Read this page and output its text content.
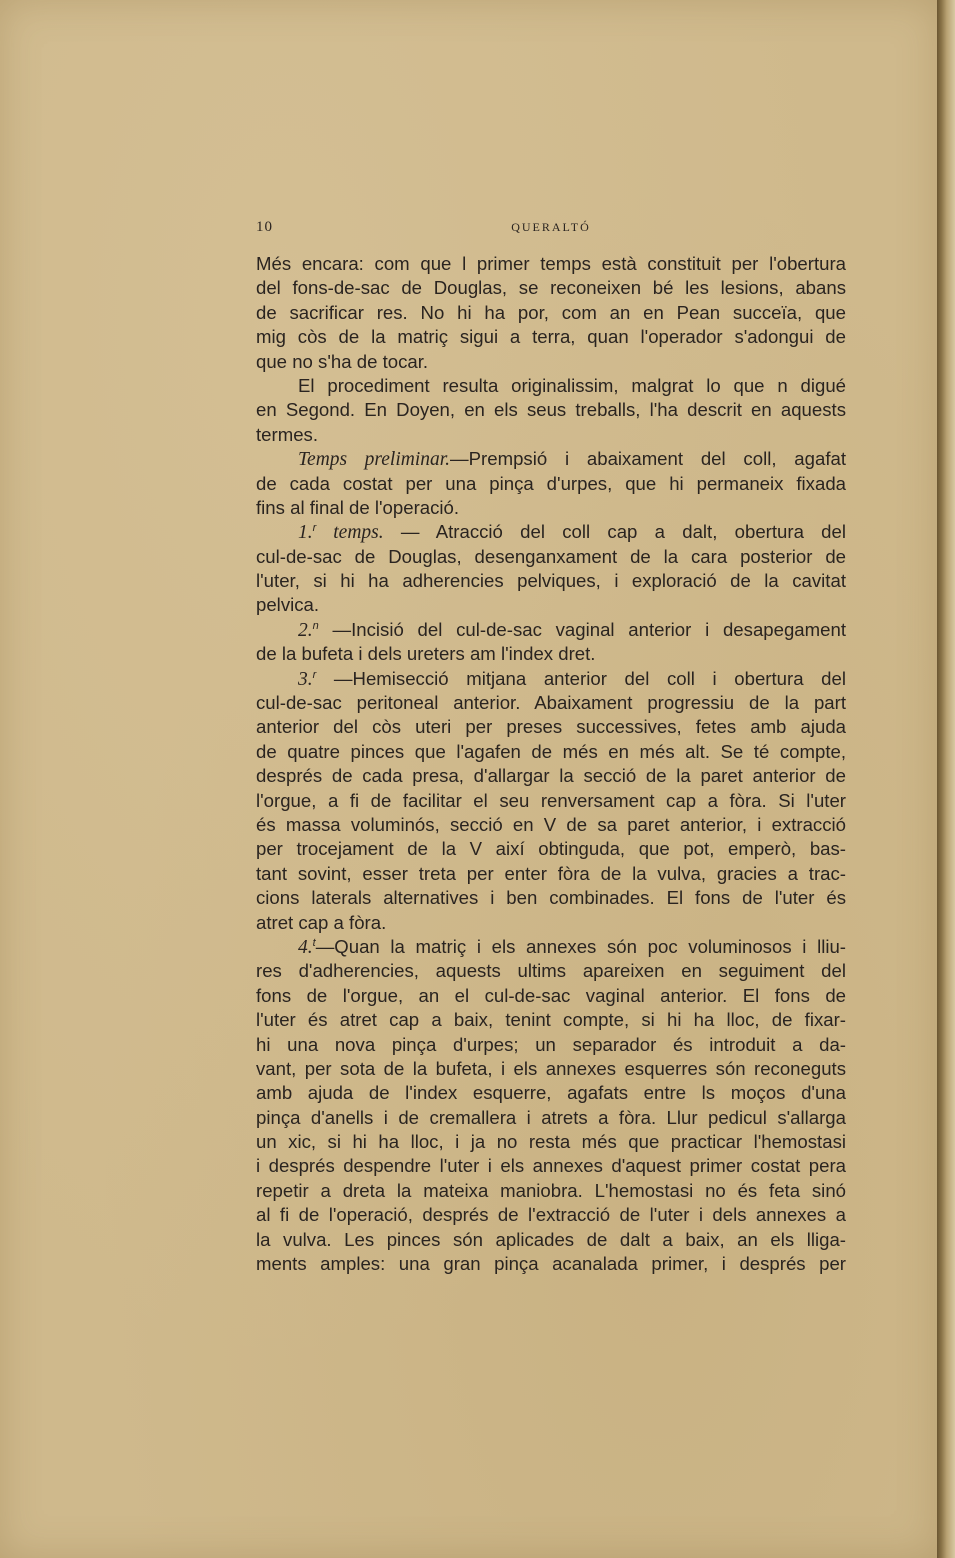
10	QUERALTÓ
Més encara: com que l primer temps està constituit per l'obertura
del fons-de-sac de Douglas, se reconeixen bé les lesions, abans
de sacrificar res. No hi ha por, com an en Pean succeïa, que
mig còs de la matriç sigui a terra, quan l'operador s'adongui de
que no s'ha de tocar.
El procediment resulta originalissim, malgrat lo que n digué
en Segond. En Doyen, en els seus treballs, l'ha descrit en aquests
termes.
Temps preliminar.—Prempsió i abaixament del coll, agafat
de cada costat per una pinça d'urpes, que hi permaneix fixada
fins al final de l'operació.
1.$^r$ temps. — Atracció del coll cap a dalt, obertura del
cul-de-sac de Douglas, desenganxament de la cara posterior de
l'uter, si hi ha adherencies pelviques, i exploració de la cavitat
pelvica.
2.$^n$ —Incisió del cul-de-sac vaginal anterior i desapegament
de la bufeta i dels ureters am l'index dret.
3.$^r$ —Hemisecció mitjana anterior del coll i obertura del
cul-de-sac peritoneal anterior. Abaixament progressiu de la part
anterior del còs uteri per preses successives, fetes amb ajuda
de quatre pinces que l'agafen de més en més alt. Se té compte,
després de cada presa, d'allargar la secció de la paret anterior de
l'orgue, a fi de facilitar el seu renversament cap a fòra. Si l'uter
és massa voluminós, secció en V de sa paret anterior, i extracció
per trocejament de la V així obtinguda, que pot, emperò, bas-
tant sovint, esser treta per enter fòra de la vulva, gracies a trac-
cions laterals alternatives i ben combinades. El fons de l'uter és
atret cap a fòra.
4.$^t$—Quan la matriç i els annexes són poc voluminosos i lliu-
res d'adherencies, aquests ultims apareixen en seguiment del
fons de l'orgue, an el cul-de-sac vaginal anterior. El fons de
l'uter és atret cap a baix, tenint compte, si hi ha lloc, de fixar-
hi una nova pinça d'urpes; un separador és introduit a da-
vant, per sota de la bufeta, i els annexes esquerres són reconeguts
amb ajuda de l'index esquerre, agafats entre ls moços d'una
pinça d'anells i de cremallera i atrets a fòra. Llur pedicul s'allarga
un xic, si hi ha lloc, i ja no resta més que practicar l'hemostasi
i després despendre l'uter i els annexes d'aquest primer costat pera
repetir a dreta la mateixa maniobra. L'hemostasi no és feta sinó
al fi de l'operació, després de l'extracció de l'uter i dels annexes a
la vulva. Les pinces són aplicades de dalt a baix, an els lliga-
ments amples: una gran pinça acanalada primer, i després per
